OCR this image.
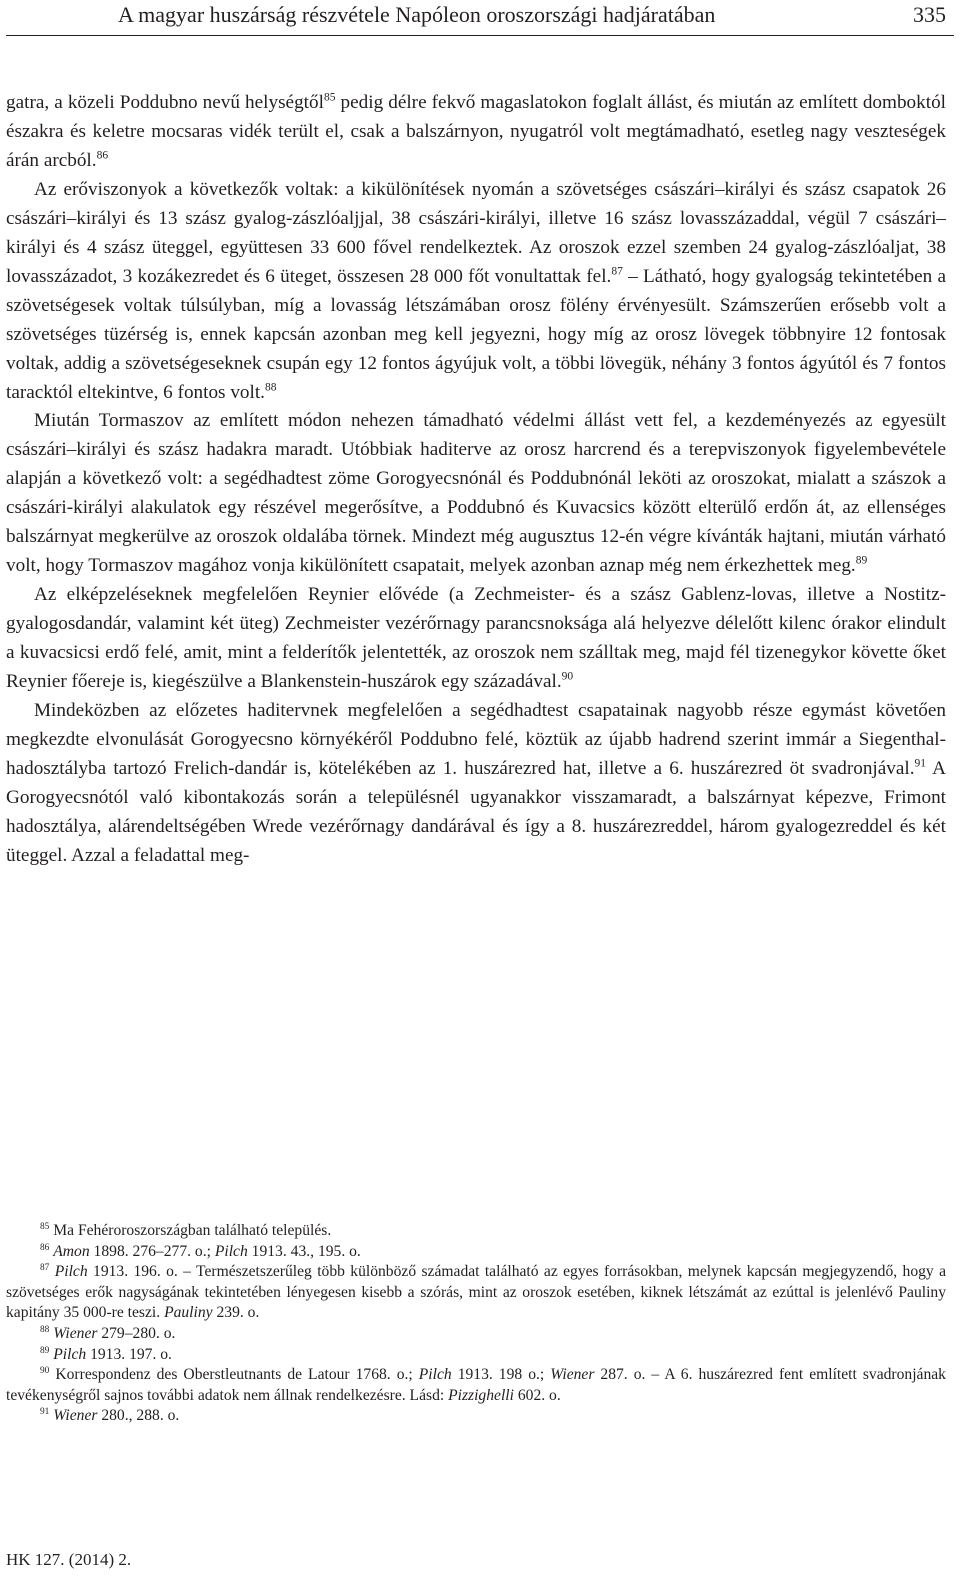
A magyar huszárság részvétele Napóleon oroszországi hadjáratában	335

gatra, a közeli Poddubno nevű helységtől$^{85}$ pedig délre fekvő magaslatokon foglalt állást, és miután az említett domboktól északra és keletre mocsaras vidék terült el, csak a balszárnyon, nyugatról volt megtámadható, esetleg nagy veszteségek árán arcból.$^{86}$

Az erőviszonyok a következők voltak: a kikülönítések nyomán a szövetséges császári–királyi és szász csapatok 26 császári–királyi és 13 szász gyalog-zászlóaljjal, 38 császári-királyi, illetve 16 szász lovasszázaddal, végül 7 császári–királyi és 4 szász üteggel, együttesen 33 600 fővel rendelkeztek. Az oroszok ezzel szemben 24 gyalog-zászlóaljat, 38 lovasszázadot, 3 kozákezredet és 6 üteget, összesen 28 000 főt vonultattak fel.$^{87}$ – Látható, hogy gyalogság tekintetében a szövetségesek voltak túlsúlyban, míg a lovasság létszámában orosz fölény érvényesült. Számszerűen erősebb volt a szövetséges tüzérség is, ennek kapcsán azonban meg kell jegyezni, hogy míg az orosz lövegek többnyire 12 fontosak voltak, addig a szövetségeseknek csupán egy 12 fontos ágyújuk volt, a többi lövegük, néhány 3 fontos ágyútól és 7 fontos taracktól eltekintve, 6 fontos volt.$^{88}$

Miután Tormaszov az említett módon nehezen támadható védelmi állást vett fel, a kezdeményezés az egyesült császári–királyi és szász hadakra maradt. Utóbbiak haditerve az orosz harcrend és a terepviszonyok figyelembevétele alapján a következő volt: a segédhadtest zöme Gorogyecsnónál és Poddubnónál leköti az oroszokat, mialatt a szászok a császári-királyi alakulatok egy részével megerősítve, a Poddubnó és Kuvacsics között elterülő erdőn át, az ellenséges balszárnyat megkerülve az oroszok oldalába törnek. Mindezt még augusztus 12-én végre kívánták hajtani, miután várható volt, hogy Tormaszov magához vonja kikülönített csapatait, melyek azonban aznap még nem érkezhettek meg.$^{89}$

Az elképzeléseknek megfelelően Reynier elővéde (a Zechmeister- és a szász Gablenz-lovas, illetve a Nostitz-gyalogosdandár, valamint két üteg) Zechmeister vezérőrnagy parancsnoksága alá helyezve délelőtt kilenc órakor elindult a kuvacsicsi erdő felé, amit, mint a felderítők jelentették, az oroszok nem szálltak meg, majd fél tizenegykor követte őket Reynier főereje is, kiegészülve a Blankenstein-huszárok egy századával.$^{90}$

Mindeközben az előzetes haditervnek megfelelően a segédhadtest csapatainak nagyobb része egymást követően megkezdte elvonulását Gorogyecsno környékéről Poddubno felé, köztük az újabb hadrend szerint immár a Siegenthal-hadosztályba tartozó Frelich-dandár is, kötelékében az 1. huszárezred hat, illetve a 6. huszárezred öt svadronjával.$^{91}$ A Gorogyecsnótól való kibontakozás során a településnél ugyanakkor visszamaradt, a balszárnyat képezve, Frimont hadosztálya, alárendeltségében Wrede vezérőrnagy dandárával és így a 8. huszárezreddel, három gyalogezreddel és két üteggel. Azzal a feladattal meg-

$^{85}$ Ma Fehéroroszországban található település.

$^{86}$ Amon 1898. 276–277. o.; Pilch 1913. 43., 195. o.

$^{87}$ Pilch 1913. 196. o. – Természetszerűleg több különböző számadat található az egyes forrásokban, melynek kapcsán megjegyzendő, hogy a szövetséges erők nagyságának tekintetében lényegesen kisebb a szórás, mint az oroszok esetében, kiknek létszámát az ezúttal is jelenlévő Pauliny kapitány 35 000-re teszi. Pauliny 239. o.

$^{88}$ Wiener 279–280. o.

$^{89}$ Pilch 1913. 197. o.

$^{90}$ Korrespondenz des Oberstleutnants de Latour 1768. o.; Pilch 1913. 198 o.; Wiener 287. o. – A 6. huszárezred fent említett svadronjának tevékenységről sajnos további adatok nem állnak rendelkezésre. Lásd: Pizzighelli 602. o.

$^{91}$ Wiener 280., 288. o.

HK 127. (2014) 2.
